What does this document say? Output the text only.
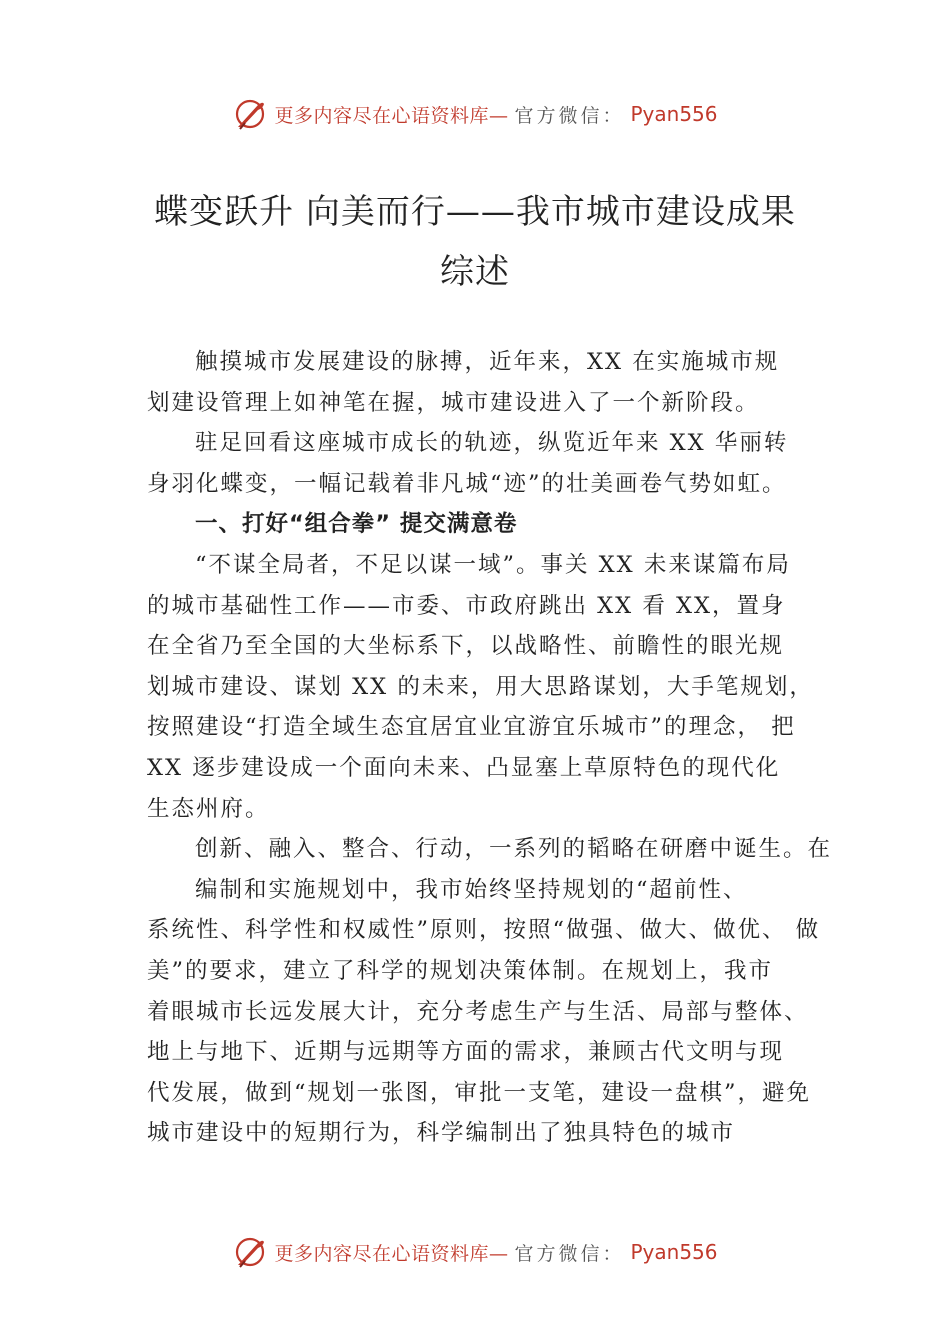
更多内容尽在心语资料库— 官方微信： Pyan556
蝶变跃升 向美而行——我市城市建设成果
综述
触摸城市发展建设的脉搏，近年来，XX 在实施城市规
划建设管理上如神笔在握，城市建设进入了一个新阶段。
驻足回看这座城市成长的轨迹，纵览近年来 XX 华丽转
身羽化蝶变，一幅记载着非凡城“迹”的壮美画卷气势如虹。
一、打好“组合拳” 提交满意卷
“不谋全局者，不足以谋一域”。事关 XX 未来谋篇布局
的城市基础性工作——市委、市政府跳出 XX 看 XX，置身
在全省乃至全国的大坐标系下，以战略性、前瞻性的眼光规
划城市建设、谋划 XX 的未来，用大思路谋划，大手笔规划，
按照建设“打造全域生态宜居宜业宜游宜乐城市”的理念， 把
XX 逐步建设成一个面向未来、凸显塞上草原特色的现代化
生态州府。
创新、融入、整合、行动，一系列的韬略在研磨中诞生。在
编制和实施规划中，我市始终坚持规划的“超前性、
系统性、科学性和权威性”原则，按照“做强、做大、做优、 做
美”的要求，建立了科学的规划决策体制。在规划上，我市
着眼城市长远发展大计，充分考虑生产与生活、局部与整体、
地上与地下、近期与远期等方面的需求，兼顾古代文明与现
代发展，做到“规划一张图，审批一支笔，建设一盘棋”，避免
城市建设中的短期行为，科学编制出了独具特色的城市
更多内容尽在心语资料库— 官方微信： Pyan556
